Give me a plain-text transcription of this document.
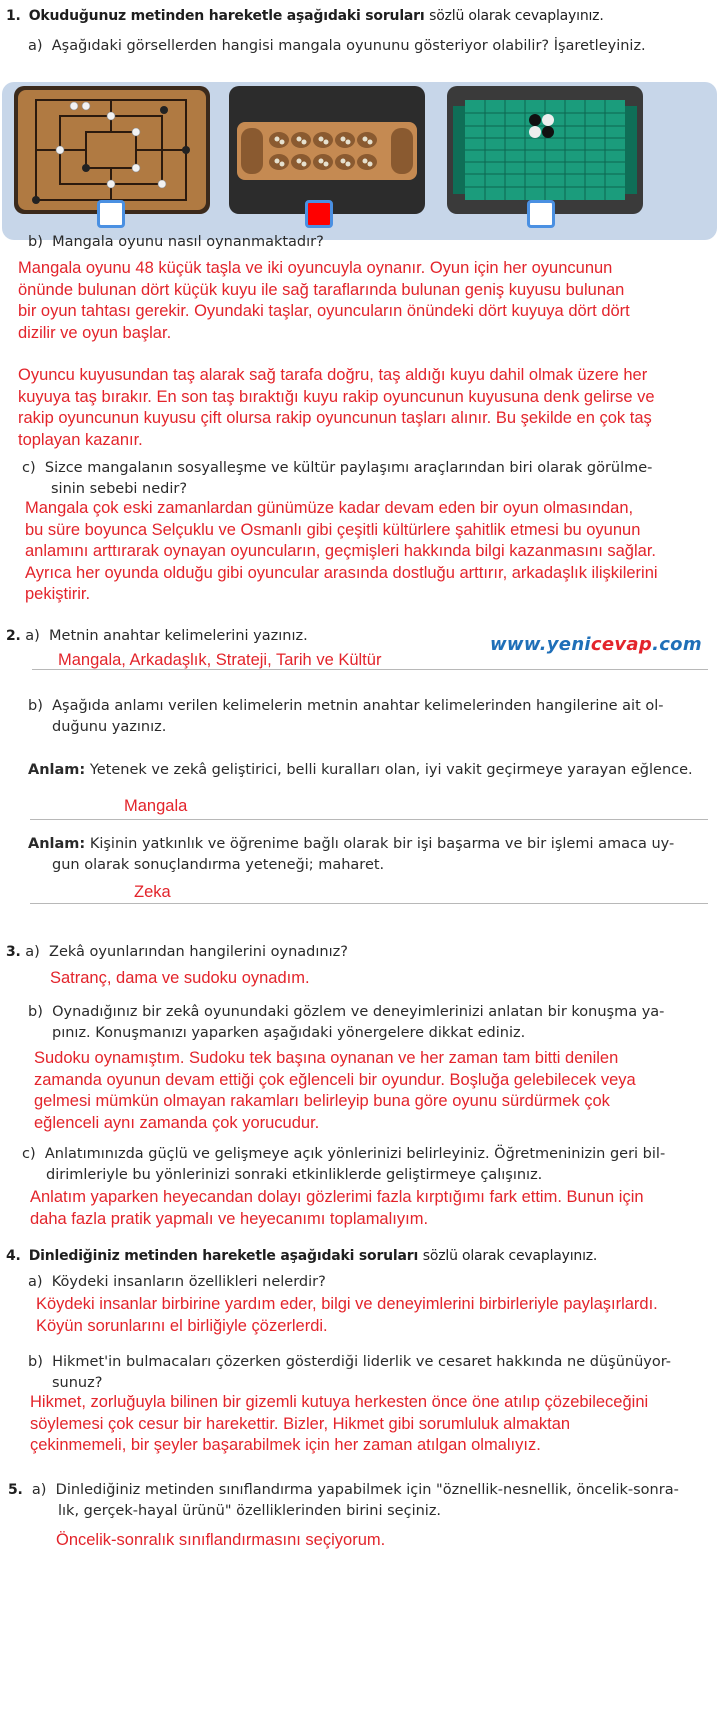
1. Okuduğunuz metinden hareketle aşağıdaki soruları sözlü olarak cevaplayınız.
a) Aşağıdaki görsellerden hangisi mangala oyununu gösteriyor olabilir? İşaretleyiniz.
b) Mangala oyunu nasıl oynanmaktadır?
Mangala oyunu 48 küçük taşla ve iki oyuncuyla oynanır. Oyun için her oyuncunun
önünde bulunan dört küçük kuyu ile sağ taraflarında bulunan geniş kuyusu bulunan
bir oyun tahtası gerekir. Oyundaki taşlar, oyuncuların önündeki dört kuyuya dört dört
dizilir ve oyun başlar.
Oyuncu kuyusundan taş alarak sağ tarafa doğru, taş aldığı kuyu dahil olmak üzere her
kuyuya taş bırakır. En son taş bıraktığı kuyu rakip oyuncunun kuyusuna denk gelirse ve
rakip oyuncunun kuyusu çift olursa rakip oyuncunun taşları alınır. Bu şekilde en çok taş
toplayan kazanır.
c) Sizce mangalanın sosyalleşme ve kültür paylaşımı araçlarından biri olarak görülme-
sinin sebebi nedir?
Mangala çok eski zamanlardan günümüze kadar devam eden bir oyun olmasından,
bu süre boyunca Selçuklu ve Osmanlı gibi çeşitli kültürlere şahitlik etmesi bu oyunun
anlamını arttırarak oynayan oyuncuların, geçmişleri hakkında bilgi kazanmasını sağlar.
Ayrıca her oyunda olduğu gibi oyuncular arasında dostluğu arttırır, arkadaşlık ilişkilerini
pekiştirir.
2. a) Metnin anahtar kelimelerini yazınız.	www.yenicevap.com
Mangala, Arkadaşlık, Strateji, Tarih ve Kültür
b) Aşağıda anlamı verilen kelimelerin metnin anahtar kelimelerinden hangilerine ait ol-
duğunu yazınız.
Anlam: Yetenek ve zekâ geliştirici, belli kuralları olan, iyi vakit geçirmeye yarayan eğlence.
Mangala
Anlam: Kişinin yatkınlık ve öğrenime bağlı olarak bir işi başarma ve bir işlemi amaca uy-
gun olarak sonuçlandırma yeteneği; maharet.
Zeka
3. a) Zekâ oyunlarından hangilerini oynadınız?
Satranç, dama ve sudoku oynadım.
b) Oynadığınız bir zekâ oyunundaki gözlem ve deneyimlerinizi anlatan bir konuşma ya-
pınız. Konuşmanızı yaparken aşağıdaki yönergelere dikkat ediniz.
Sudoku oynamıştım. Sudoku tek başına oynanan ve her zaman tam bitti denilen
zamanda oyunun devam ettiği çok eğlenceli bir oyundur. Boşluğa gelebilecek veya
gelmesi mümkün olmayan rakamları belirleyip buna göre oyunu sürdürmek çok
eğlenceli aynı zamanda çok yorucudur.
c) Anlatımınızda güçlü ve gelişmeye açık yönlerinizi belirleyiniz. Öğretmeninizin geri bil-
dirimleriyle bu yönlerinizi sonraki etkinliklerde geliştirmeye çalışınız.
Anlatım yaparken heyecandan dolayı gözlerimi fazla kırptığımı fark ettim. Bunun için
daha fazla pratik yapmalı ve heyecanımı toplamalıyım.
4. Dinlediğiniz metinden hareketle aşağıdaki soruları sözlü olarak cevaplayınız.
a) Köydeki insanların özellikleri nelerdir?
Köydeki insanlar birbirine yardım eder, bilgi ve deneyimlerini birbirleriyle paylaşırlardı.
Köyün sorunlarını el birliğiyle çözerlerdi.
b) Hikmet'in bulmacaları çözerken gösterdiği liderlik ve cesaret hakkında ne düşünüyor-
sunuz?
Hikmet, zorluğuyla bilinen bir gizemli kutuya herkesten önce öne atılıp çözebileceğini
söylemesi çok cesur bir harekettir. Bizler, Hikmet gibi sorumluluk almaktan
çekinmemeli, bir şeyler başarabilmek için her zaman atılgan olmalıyız.
5. a) Dinlediğiniz metinden sınıflandırma yapabilmek için "öznellik-nesnellik, öncelik-sonra-
lık, gerçek-hayal ürünü" özelliklerinden birini seçiniz.
Öncelik-sonralık sınıflandırmasını seçiyorum.
